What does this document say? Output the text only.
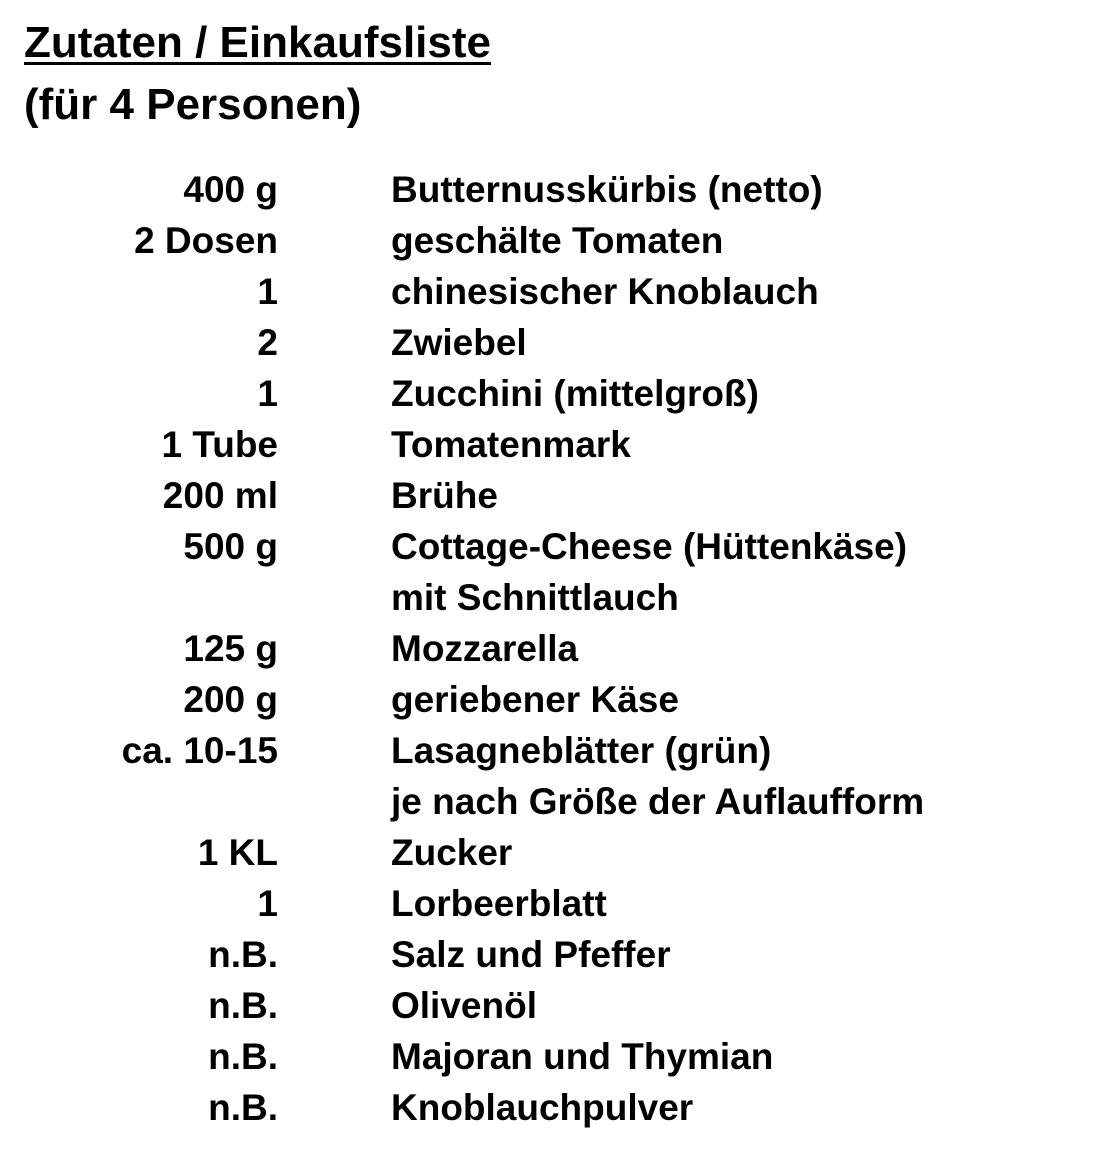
Zutaten / Einkaufsliste
(für 4 Personen)
400 g	Butternusskürbis (netto)
2 Dosen	geschälte Tomaten
1	chinesischer Knoblauch
2	Zwiebel
1	Zucchini (mittelgroß)
1 Tube	Tomatenmark
200 ml	Brühe
500 g	Cottage-Cheese (Hüttenkäse)
mit Schnittlauch
125 g	Mozzarella
200 g	geriebener Käse
ca. 10-15	Lasagneblätter (grün)
je nach Größe der Auflaufform
1 KL	Zucker
1	Lorbeerblatt
n.B.	Salz und Pfeffer
n.B.	Olivenöl
n.B.	Majoran und Thymian
n.B.	Knoblauchpulver
